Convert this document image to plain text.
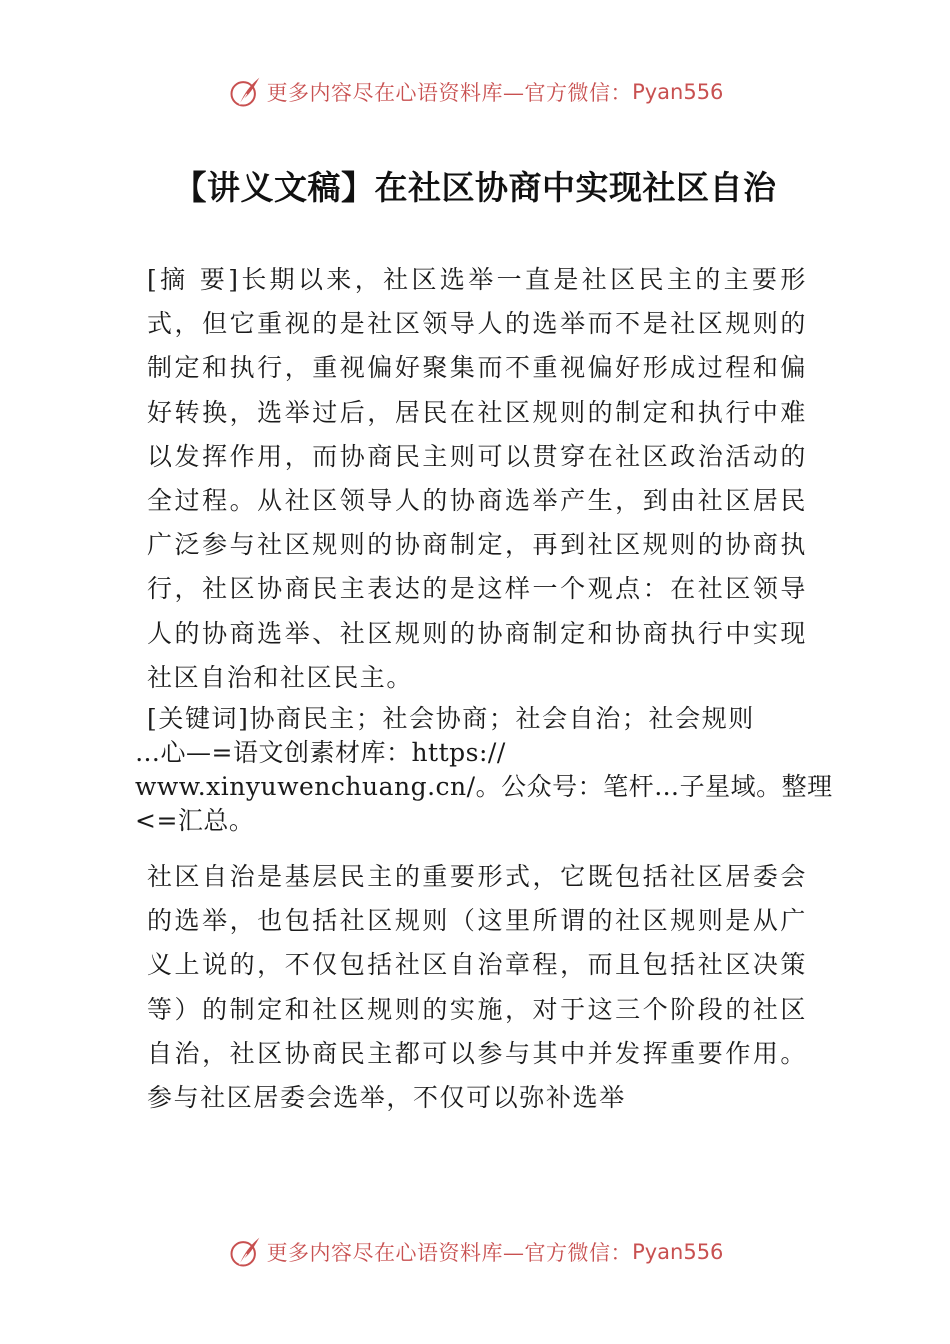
更多内容尽在心语资料库—官方微信： Pyan556
【讲义文稿】在社区协商中实现社区自治

[摘 要]长期以来，社区选举一直是社区民主的主要形式，但它重视的是社区领导人的选举而不是社区规则的制定和执行，重视偏好聚集而不重视偏好形成过程和偏好转换，选举过后，居民在社区规则的制定和执行中难以发挥作用，而协商民主则可以贯穿在社区政治活动的全过程。从社区领导人的协商选举产生，到由社区居民广泛参与社区规则的协商制定，再到社区规则的协商执行，社区协商民主表达的是这样一个观点：在社区领导人的协商选举、社区规则的协商制定和协商执行中实现社区自治和社区民主。

[关键词]协商民主；社会协商；社会自治；社会规则

…心—=语文创素材库：https://
www.xinyuwenchuang.cn/。公众号：笔杆…子星域。整理<=汇总。

社区自治是基层民主的重要形式，它既包括社区居委会的选举，也包括社区规则（这里所谓的社区规则是从广义上说的，不仅包括社区自治章程，而且包括社区决策等）的制定和社区规则的实施，对于这三个阶段的社区自治，社区协商民主都可以参与其中并发挥重要作用。参与社区居委会选举，不仅可以弥补选举

更多内容尽在心语资料库—官方微信： Pyan556
